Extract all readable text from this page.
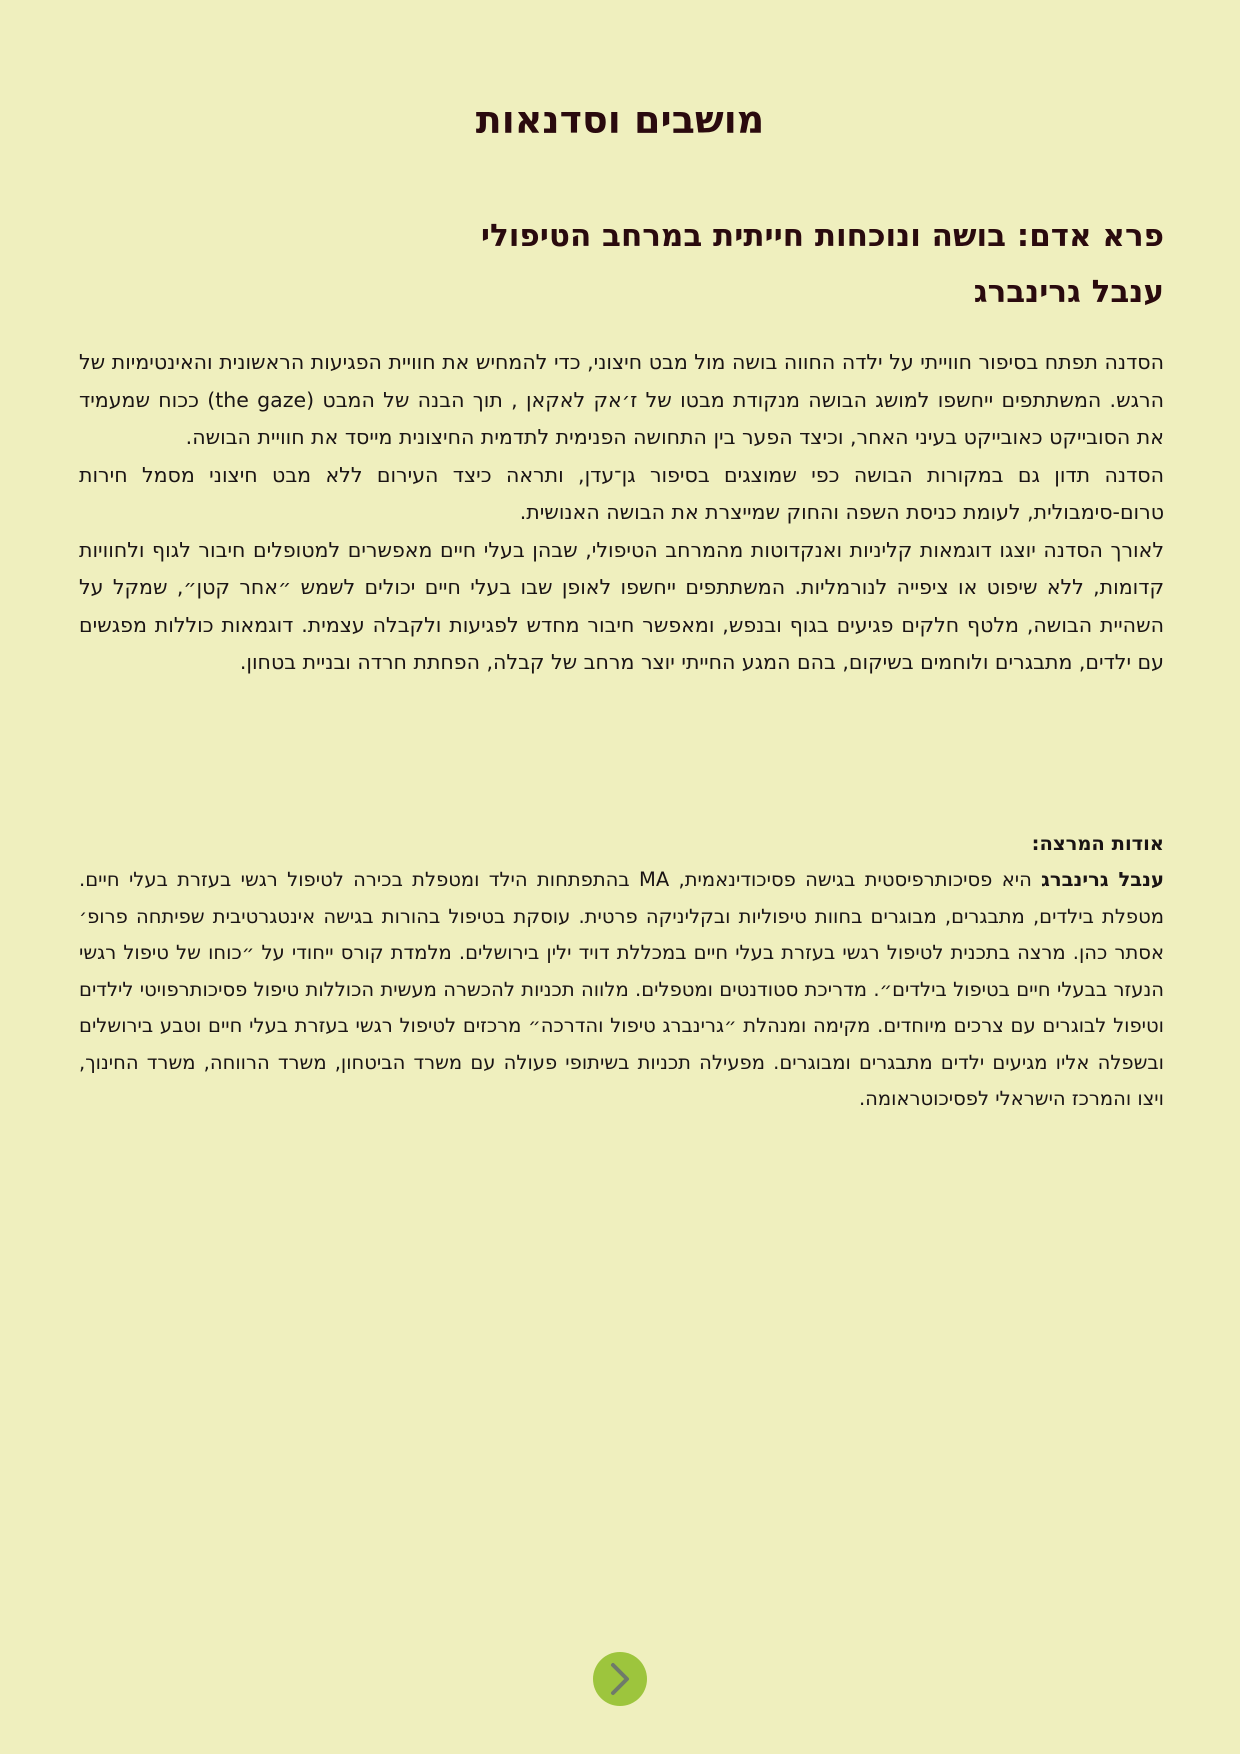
מושבים וסדנאות
פרא אדם: בושה ונוכחות חייתית במרחב הטיפולי
ענבל גרינברג

הסדנה תפתח בסיפור חווייתי על ילדה החווה בושה מול מבט חיצוני, כדי להמחיש את חוויית הפגיעות הראשונית והאינטימיות של הרגש. המשתתפים ייחשפו למושג הבושה מנקודת מבטו של ז׳אק לאקאן , תוך הבנה של המבט (the gaze) ככוח שמעמיד את הסובייקט כאובייקט בעיני האחר, וכיצד הפער בין התחושה הפנימית לתדמית החיצונית מייסד את חוויית הבושה.

הסדנה תדון גם במקורות הבושה כפי שמוצגים בסיפור גן־עדן, ותראה כיצד העירום ללא מבט חיצוני מסמל חירות טרום-סימבולית, לעומת כניסת השפה והחוק שמייצרת את הבושה האנושית.

לאורך הסדנה יוצגו דוגמאות קליניות ואנקדוטות מהמרחב הטיפולי, שבהן בעלי חיים מאפשרים למטופלים חיבור לגוף ולחוויות קדומות, ללא שיפוט או ציפייה לנורמליות. המשתתפים ייחשפו לאופן שבו בעלי חיים יכולים לשמש ״אחר קטן״, שמקל על השהיית הבושה, מלטף חלקים פגיעים בגוף ובנפש, ומאפשר חיבור מחדש לפגיעות ולקבלה עצמית. דוגמאות כוללות מפגשים עם ילדים, מתבגרים ולוחמים בשיקום, בהם המגע החייתי יוצר מרחב של קבלה, הפחתת חרדה ובניית בטחון.

אודות המרצה:

ענבל גרינברג היא פסיכותרפיסטית בגישה פסיכודינאמית, MA בהתפתחות הילד ומטפלת בכירה לטיפול רגשי בעזרת בעלי חיים. מטפלת בילדים, מתבגרים, מבוגרים בחוות טיפוליות ובקליניקה פרטית. עוסקת בטיפול בהורות בגישה אינטגרטיבית שפיתחה פרופ׳ אסתר כהן. מרצה בתכנית לטיפול רגשי בעזרת בעלי חיים במכללת דויד ילין בירושלים. מלמדת קורס ייחודי על ״כוחו של טיפול רגשי הנעזר בבעלי חיים בטיפול בילדים״. מדריכת סטודנטים ומטפלים. מלווה תכניות להכשרה מעשית הכוללות טיפול פסיכותרפויטי לילדים וטיפול לבוגרים עם צרכים מיוחדים. מקימה ומנהלת ״גרינברג טיפול והדרכה״ מרכזים לטיפול רגשי בעזרת בעלי חיים וטבע בירושלים ובשפלה אליו מגיעים ילדים מתבגרים ומבוגרים. מפעילה תכניות בשיתופי פעולה עם משרד הביטחון, משרד הרווחה, משרד החינוך, ויצו והמרכז הישראלי לפסיכוטראומה.
